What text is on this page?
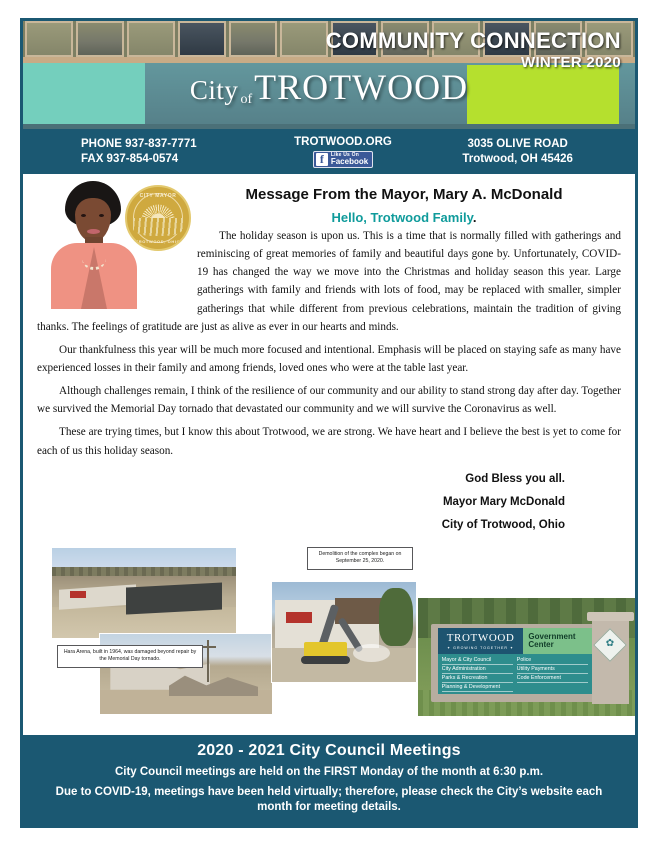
City ofTROTWOOD
COMMUNITY CONNECTION
WINTER 2020
PHONE 937-837-7771
FAX 937-854-0574
TROTWOOD.ORG
f	Like Us On
Facebook
3035 OLIVE ROAD
Trotwood, OH 45426
Message From the Mayor, Mary A. McDonald
Hello, Trotwood Family.
CITY MAYOR
TROTWOOD, OHIO	The holiday season is upon us. This is a time that is normally filled with gatherings and reminiscing of great memories of family and beautiful days gone by. Unfortunately, COVID-19 has changed the way we move into the Christmas and holiday season this year. Large gatherings with family and friends with lots of food, may be replaced with smaller, simpler gatherings that while different from previous celebrations, maintain the tradition of giving thanks. The feelings of gratitude are just as alive as ever in our hearts and minds.

Our thankfulness this year will be much more focused and intentional. Emphasis will be placed on staying safe as many have experienced losses in their family and among friends, loved ones who were at the table last year.

Although challenges remain, I think of the resilience of our community and our ability to stand strong day after day. Together we survived the Memorial Day tornado that devastated our community and we will survive the Coronavirus as well.

These are trying times, but I know this about Trotwood, we are strong. We have heart and I believe the best is yet to come for each of us this holiday season.

God Bless you all.
Mayor Mary McDonald
City of Trotwood, Ohio
✿
TROTWOOD
✦ GROWING TOGETHER ✦
Government
Center
Mayor & City Council
City Administration
Parks & Recreation
Planning & Development
Police
Utility Payments
Code Enforcement
Hara Arena, built in 1964, was damaged beyond repair by the Memorial Day tornado.
Demolition of the complex began on September 25, 2020.
2020 - 2021 City Council Meetings
City Council meetings are held on the FIRST Monday of the month at 6:30 p.m.
Due to COVID-19, meetings have been held virtually; therefore, please check the City’s website each month for meeting details.
